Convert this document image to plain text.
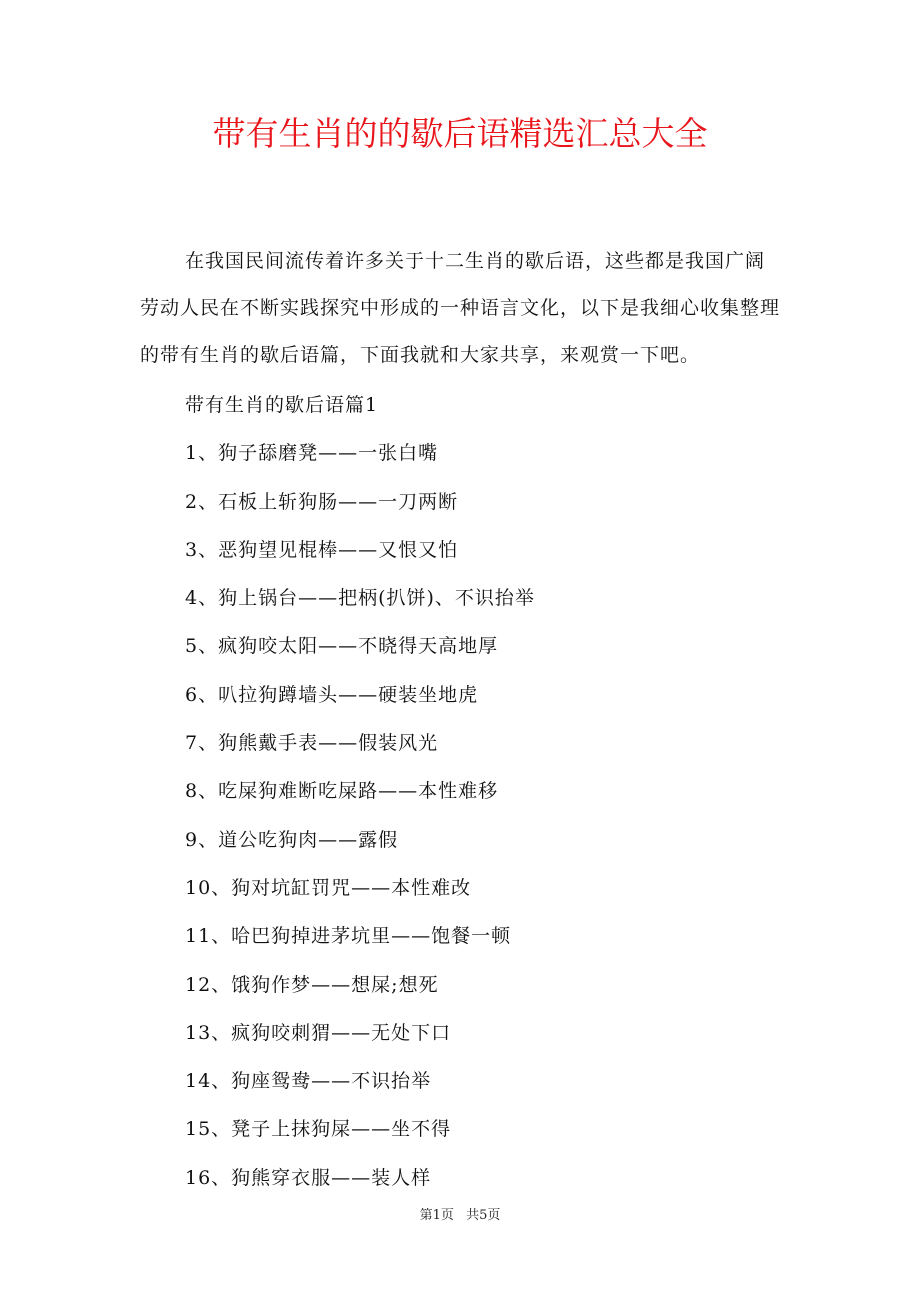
带有生肖的的歇后语精选汇总大全

在我国民间流传着许多关于十二生肖的歇后语，这些都是我国广阔劳动人民在不断实践探究中形成的一种语言文化，以下是我细心收集整理的带有生肖的歇后语篇，下面我就和大家共享，来观赏一下吧。

带有生肖的歇后语篇1
1、狗子舔磨凳——一张白嘴
2、石板上斩狗肠——一刀两断
3、恶狗望见棍棒——又恨又怕
4、狗上锅台——把柄(扒饼)、不识抬举
5、疯狗咬太阳——不晓得天高地厚
6、叭拉狗蹲墙头——硬装坐地虎
7、狗熊戴手表——假装风光
8、吃屎狗难断吃屎路——本性难移
9、道公吃狗肉——露假
10、狗对坑缸罚咒——本性难改
11、哈巴狗掉进茅坑里——饱餐一顿
12、饿狗作梦——想屎;想死
13、疯狗咬刺猬——无处下口
14、狗座鸳鸯——不识抬举
15、凳子上抹狗屎——坐不得
16、狗熊穿衣服——装人样
第1页 共5页
